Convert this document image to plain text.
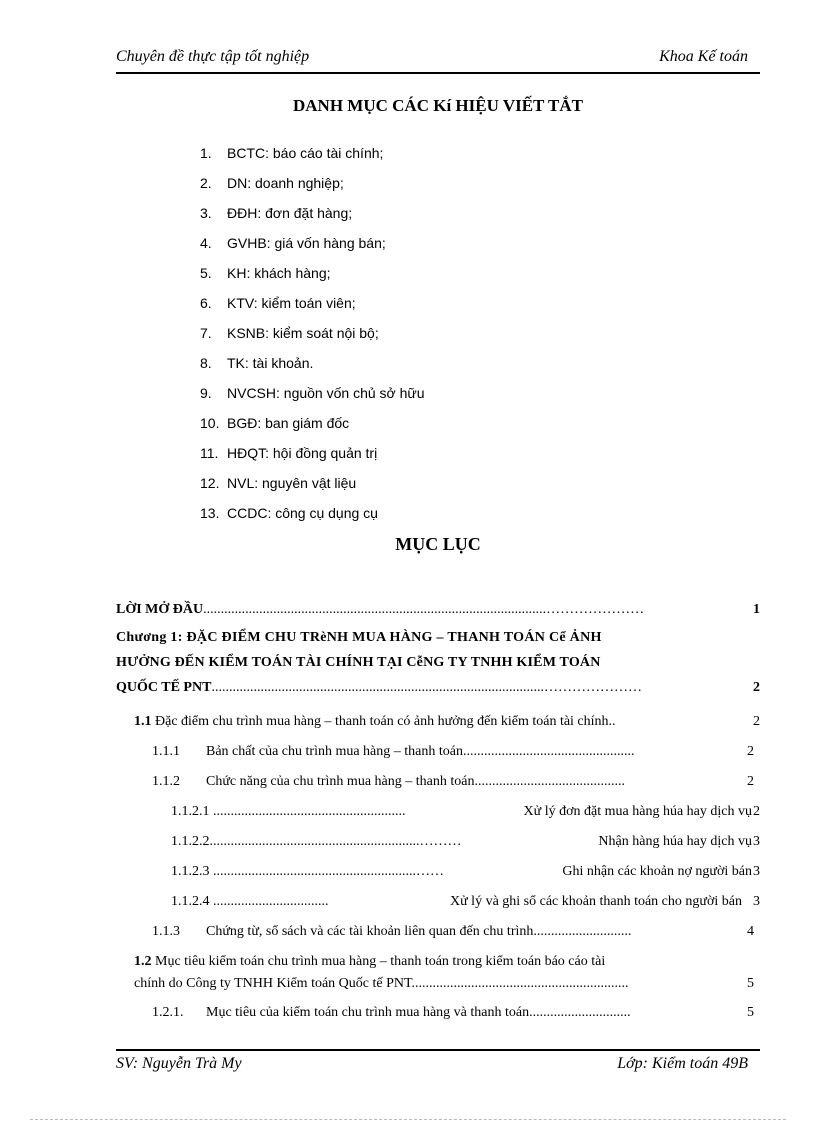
Chuyên đề thực tập tốt nghiệp	Khoa Kế toán
DANH MỤC CÁC Kí HIỆU VIẾT TẮT
1.	BCTC: báo cáo tài chính;
2.	DN: doanh nghiệp;
3.	ĐĐH: đơn đặt hàng;
4.	GVHB: giá vốn hàng bán;
5.	KH: khách hàng;
6.	KTV: kiểm toán viên;
7.	KSNB: kiểm soát nội bộ;
8.	TK: tài khoản.
9.	NVCSH: nguồn vốn chủ sở hữu
10. BGĐ: ban giám đốc
11. HĐQT: hội đồng quản trị
12. NVL: nguyên vật liệu
13. CCDC: công cụ dụng cụ
MỤC LỤC
LỜI MỞ ĐẦU..................................................................................................…………………	1
Chương 1: ĐẶC ĐIỂM CHU TRèNH MUA HÀNG – THANH TOÁN Cể ẢNH
HƯỞNG ĐẾN KIỂM TOÁN TÀI CHÍNH TẠI CễNG TY TNHH KIỂM TOÁN
QUỐC TẾ PNT...............................................................................................…………………	2
1.1 Đặc điểm chu trình mua hàng – thanh toán có ảnh hưởng đến kiểm toán tài chính..	2
1.1.1 Bản chất của chu trình mua hàng – thanh toán.................................................	2
1.1.2 Chức năng của chu trình mua hàng – thanh toán...........................................	2
1.1.2.1 .......................................................	Xử lý đơn đặt mua hàng húa hay dịch vụ 2
1.1.2.2............................................................………	Nhận hàng húa hay dịch vụ 3
1.1.2.3 ..........................................................……	Ghi nhận các khoản nợ người bán 3
1.1.2.4 .................................	Xử lý và ghi sổ các khoản thanh toán cho người bán 3
1.1.3 Chứng từ, sổ sách và các tài khoản liên quan đến chu trình............................	4
1.2 Mục tiêu kiểm toán chu trình mua hàng – thanh toán trong kiểm toán báo cáo tài
chính do Công ty TNHH Kiểm toán Quốc tế PNT..............................................................	5
1.2.1. Mục tiêu của kiểm toán chu trình mua hàng và thanh toán.............................	5
SV: Nguyễn Trà My	Lớp: Kiểm toán 49B
